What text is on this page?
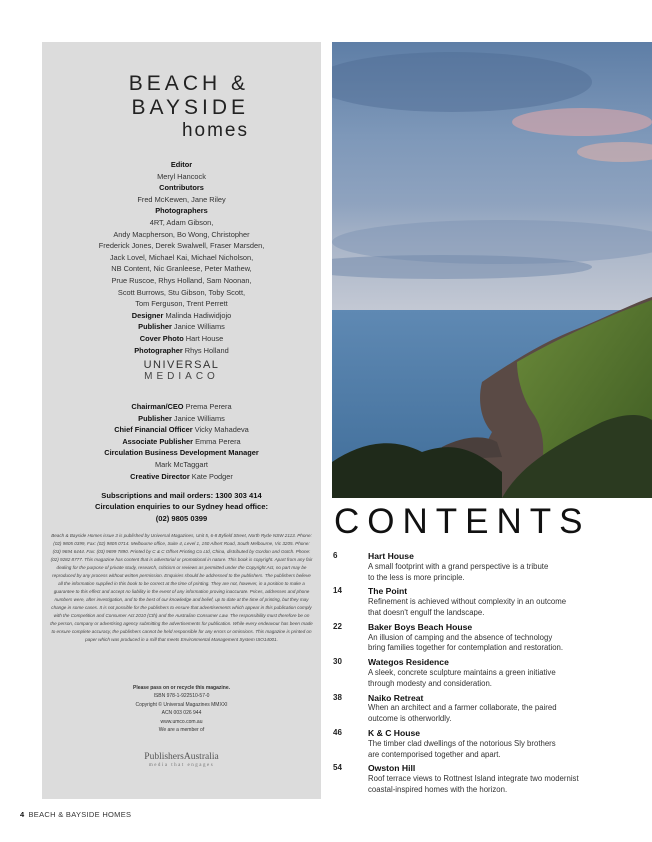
BEACH &
BAYSIDE
homes
Editor
Meryl Hancock
Contributors
Fred McKewen, Jane Riley
Photographers
4RT, Adam Gibson,
Andy Macpherson, Bo Wong, Christopher
Frederick Jones, Derek Swalwell, Fraser Marsden,
Jack Lovel, Michael Kai, Michael Nicholson,
NB Content, Nic Granleese, Peter Mathew,
Prue Ruscoe, Rhys Holland, Sam Noonan,
Scott Burrows, Stu Gibson, Toby Scott,
Tom Ferguson, Trent Perrett
Designer Malinda Hadiwidjojo
Publisher Janice Williams
Cover Photo Hart House
Photographer Rhys Holland
UNIVERSAL
MEDIACO
Chairman/CEO Prema Perera
Publisher Janice Williams
Chief Financial Officer Vicky Mahadeva
Associate Publisher Emma Perera
Circulation Business Development Manager
Mark McTaggart
Creative Director Kate Podger
Subscriptions and mail orders: 1300 303 414
Circulation enquiries to our Sydney head office:
(02) 9805 0399
Beach & Bayside Homes issue 3 is published by Universal Magazines, Unit 5, 6-8 Byfield Street, North Ryde NSW 2113. Phone: (02) 9805 0399, Fax: (02) 9805 0714. Melbourne office, Suite 4, Level 1, 150 Albert Road, South Melbourne, Vic 3205. Phone: (03) 9694 6444. Fax: (03) 9699 7890. Printed by C & C Offset Printing Co Ltd, China, distributed by Gordon and Gotch. Phone: (02) 9282 8777. This magazine has content that is advertorial or promotional in nature. This book is copyright. Apart from any fair dealing for the purpose of private study, research, criticism or reviews as permitted under the Copyright Act, no part may be reproduced by any process without written permission. Enquiries should be addressed to the publishers. The publishers believe all the information supplied in this book to be correct at the time of printing. They are not, however, in a position to make a guarantee to this effect and accept no liability in the event of any information proving inaccurate. Prices, addresses and phone numbers were, after investigation, and to the best of our knowledge and belief, up to date at the time of printing, but they may change in some cases. It is not possible for the publishers to ensure that advertisements which appear in this publication comply with the Competition and Consumer Act 2010 (Cth) and the Australian Consumer Law. The responsibility must therefore be on the person, company or advertising agency submitting the advertisements for publication. While every endeavour has been made to ensure complete accuracy, the publishers cannot be held responsible for any errors or omissions. This magazine is printed on paper which was produced in a mill that meets Environmental Management System ISO14001.
Please pass on or recycle this magazine.
ISBN 978-1-922510-57-0
Copyright © Universal Magazines MMXXI
ACN 003 026 944
www.umco.com.au
We are a member of
PublishersAustralia
media that engages
CONTENTS
6	Hart House
A small footprint with a grand perspective is a tribute
to the less is more principle.
14	The Point
Refinement is achieved without complexity in an outcome
that doesn't engulf the landscape.
22	Baker Boys Beach House
An illusion of camping and the absence of technology
bring families together for contemplation and restoration.
30	Wategos Residence
A sleek, concrete sculpture maintains a green initiative
through modesty and consideration.
38	Naiko Retreat
When an architect and a farmer collaborate, the paired
outcome is otherworldly.
46	K & C House
The timber clad dwellings of the notorious Sly brothers
are contemporised together and apart.
54	Owston Hill
Roof terrace views to Rottnest Island integrate two modernist
coastal-inspired homes with the horizon.
4 BEACH & BAYSIDE HOMES
